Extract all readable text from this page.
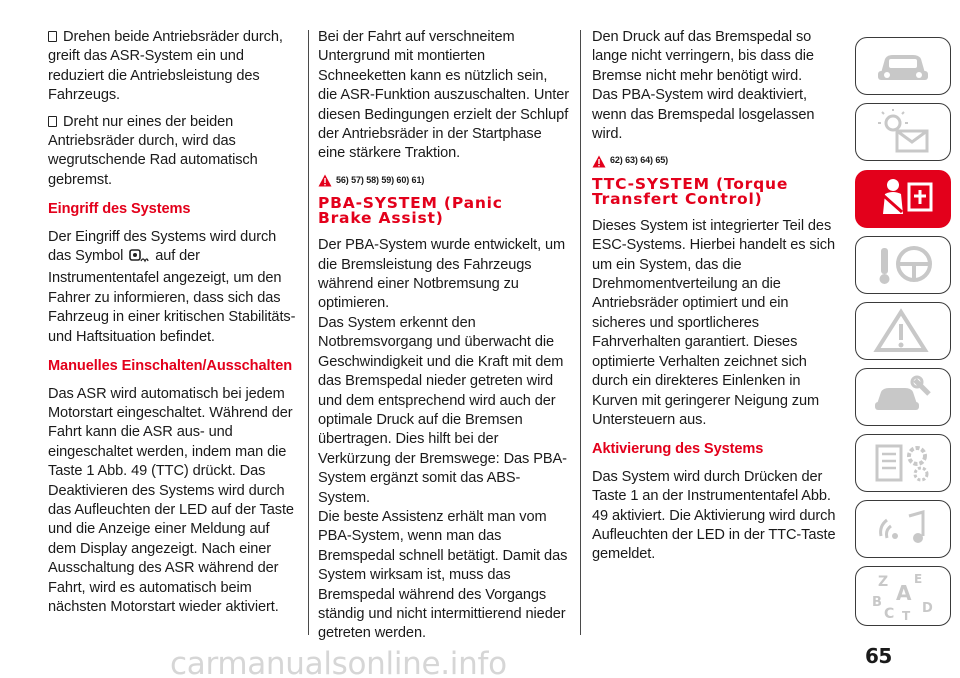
Drehen beide Antriebsräder durch, greift das ASR-System ein und reduziert die Antriebsleistung des Fahrzeugs.

Dreht nur eines der beiden Antriebsräder durch, wird das wegrutschende Rad automatisch gebremst.

Eingriff des Systems

Der Eingriff des Systems wird durch das Symbol auf der Instrumententafel angezeigt, um den Fahrer zu informieren, dass sich das Fahrzeug in einer kritischen Stabilitäts- und Haftsituation befindet.

Manuelles Einschalten/Ausschalten

Das ASR wird automatisch bei jedem Motorstart eingeschaltet. Während der Fahrt kann die ASR aus- und eingeschaltet werden, indem man die Taste 1 Abb. 49 (TTC) drückt. Das Deaktivieren des Systems wird durch das Aufleuchten der LED auf der Taste und die Anzeige einer Meldung auf dem Display angezeigt. Nach einer Ausschaltung des ASR während der Fahrt, wird es automatisch beim nächsten Motorstart wieder aktiviert.

Bei der Fahrt auf verschneitem Untergrund mit montierten Schneeketten kann es nützlich sein, die ASR-Funktion auszuschalten. Unter diesen Bedingungen erzielt der Schlupf der Antriebsräder in der Startphase eine stärkere Traktion.

56) 57) 58) 59) 60) 61)
PBA-SYSTEM (Panic
Brake Assist)

Der PBA-System wurde entwickelt, um die Bremsleistung des Fahrzeugs während einer Notbremsung zu optimieren.

Das System erkennt den Notbremsvorgang und überwacht die Geschwindigkeit und die Kraft mit dem das Bremspedal nieder getreten wird und dem entsprechend wird auch der optimale Druck auf die Bremsen übertragen. Dies hilft bei der Verkürzung der Bremswege: Das PBA-System ergänzt somit das ABS-System.

Die beste Assistenz erhält man vom PBA-System, wenn man das Bremspedal schnell betätigt. Damit das System wirksam ist, muss das Bremspedal während des Vorgangs ständig und nicht intermittierend nieder getreten werden.

Den Druck auf das Bremspedal so lange nicht verringern, bis dass die Bremse nicht mehr benötigt wird.

Das PBA-System wird deaktiviert, wenn das Bremspedal losgelassen wird.

62) 63) 64) 65)
TTC-SYSTEM (Torque
Transfert Control)

Dieses System ist integrierter Teil des ESC-Systems. Hierbei handelt es sich um ein System, das die Drehmomentverteilung an die Antriebsräder optimiert und ein sicheres und sportlicheres Fahrverhalten garantiert. Dieses optimierte Verhalten zeichnet sich durch ein direkteres Einlenken in Kurven mit geringerer Neigung zum Untersteuern aus.

Aktivierung des Systems

Das System wird durch Drücken der Taste 1 an der Instrumententafel Abb. 49 aktiviert. Die Aktivierung wird durch Aufleuchten der LED in der TTC-Taste gemeldet.

Z E
A
B
C D
T
carmanualsonline.info	65
